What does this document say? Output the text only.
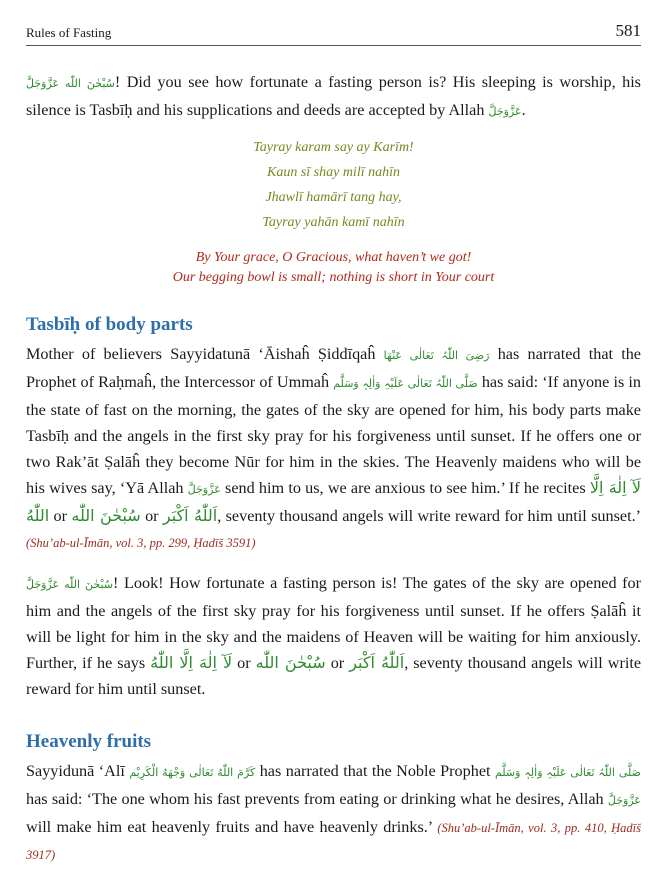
Rules of Fasting	581

سُبْحٰنَ اللّٰه عَزَّوَجَلَّ! Did you see how fortunate a fasting person is? His sleeping is worship, his silence is Tasbīḥ and his supplications and deeds are accepted by Allah عَزَّوَجَلَّ.

Tayray karam say ay Karīm!
Kaun sī shay milī nahīn
Jhawlī hamārī tang hay,
Tayray yahān kamī nahīn
By Your grace, O Gracious, what haven’t we got!
Our begging bowl is small; nothing is short in Your court
Tasbīḥ of body parts

Mother of believers Sayyidatunā ‘Āishaĥ Ṣiddīqaĥ رَضِیَ اللّٰہُ تَعَالٰی عَنْھَا has narrated that the Prophet of Raḥmaĥ, the Intercessor of Ummaĥ صَلَّی اللّٰہُ تَعَالٰی عَلَیْہِ وَاٰلِہٖ وَسَلَّم has said: ‘If anyone is in the state of fast on the morning, the gates of the sky are opened for him, his body parts make Tasbīḥ and the angels in the first sky pray for his forgiveness until sunset. If he offers one or two Rak’āt Ṣalāĥ they become Nūr for him in the skies. The Heavenly maidens who will be his wives say, ‘Yā Allah عَزَّوَجَلَّ send him to us, we are anxious to see him.’ If he recites لَآ اِلٰهَ اِلَّا اللّٰهُ or سُبْحٰنَ اللّٰه or اَللّٰهُ اَكْبَر, seventy thousand angels will write reward for him until sunset.’ (Shu’ab-ul-Īmān, vol. 3, pp. 299, Ḥadīš 3591)

سُبْحٰنَ اللّٰه عَزَّوَجَلَّ! Look! How fortunate a fasting person is! The gates of the sky are opened for him and the angels of the first sky pray for his forgiveness until sunset. If he offers Ṣalāĥ it will be light for him in the sky and the maidens of Heaven will be waiting for him anxiously. Further, if he says لَآ اِلٰهَ اِلَّا اللّٰهُ or سُبْحٰنَ اللّٰه or اَللّٰهُ اَكْبَر, seventy thousand angels will write reward for him until sunset.

Heavenly fruits

Sayyidunā ‘Alī كَرَّمَ اللّٰهُ تَعَالٰی وَجْهَهُ الْكَرِيْم has narrated that the Noble Prophet صَلَّی اللّٰہُ تَعَالٰی عَلَیْہِ وَاٰلِہٖ وَسَلَّم has said: ‘The one whom his fast prevents from eating or drinking what he desires, Allah عَزَّوَجَلَّ will make him eat heavenly fruits and have heavenly drinks.’ (Shu’ab-ul-Īmān, vol. 3, pp. 410, Ḥadīš 3917)
